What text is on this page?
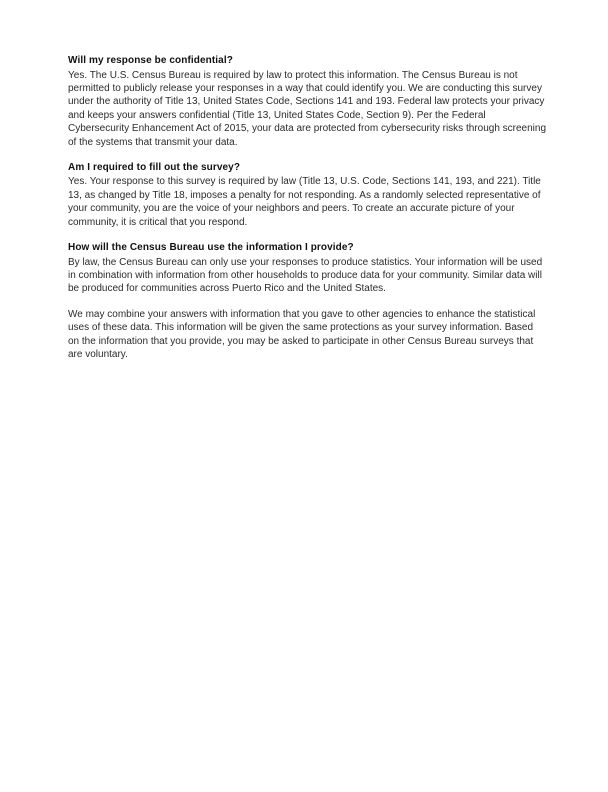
Will my response be confidential?

Yes. The U.S. Census Bureau is required by law to protect this information. The Census Bureau is not permitted to publicly release your responses in a way that could identify you. We are conducting this survey under the authority of Title 13, United States Code, Sections 141 and 193. Federal law protects your privacy and keeps your answers confidential (Title 13, United States Code, Section 9). Per the Federal Cybersecurity Enhancement Act of 2015, your data are protected from cybersecurity risks through screening of the systems that transmit your data.

Am I required to fill out the survey?

Yes. Your response to this survey is required by law (Title 13, U.S. Code, Sections 141, 193, and 221). Title 13, as changed by Title 18, imposes a penalty for not responding. As a randomly selected representative of your community, you are the voice of your neighbors and peers. To create an accurate picture of your community, it is critical that you respond.

How will the Census Bureau use the information I provide?

By law, the Census Bureau can only use your responses to produce statistics. Your information will be used in combination with information from other households to produce data for your community. Similar data will be produced for communities across Puerto Rico and the United States.

We may combine your answers with information that you gave to other agencies to enhance the statistical uses of these data. This information will be given the same protections as your survey information. Based on the information that you provide, you may be asked to participate in other Census Bureau surveys that are voluntary.
